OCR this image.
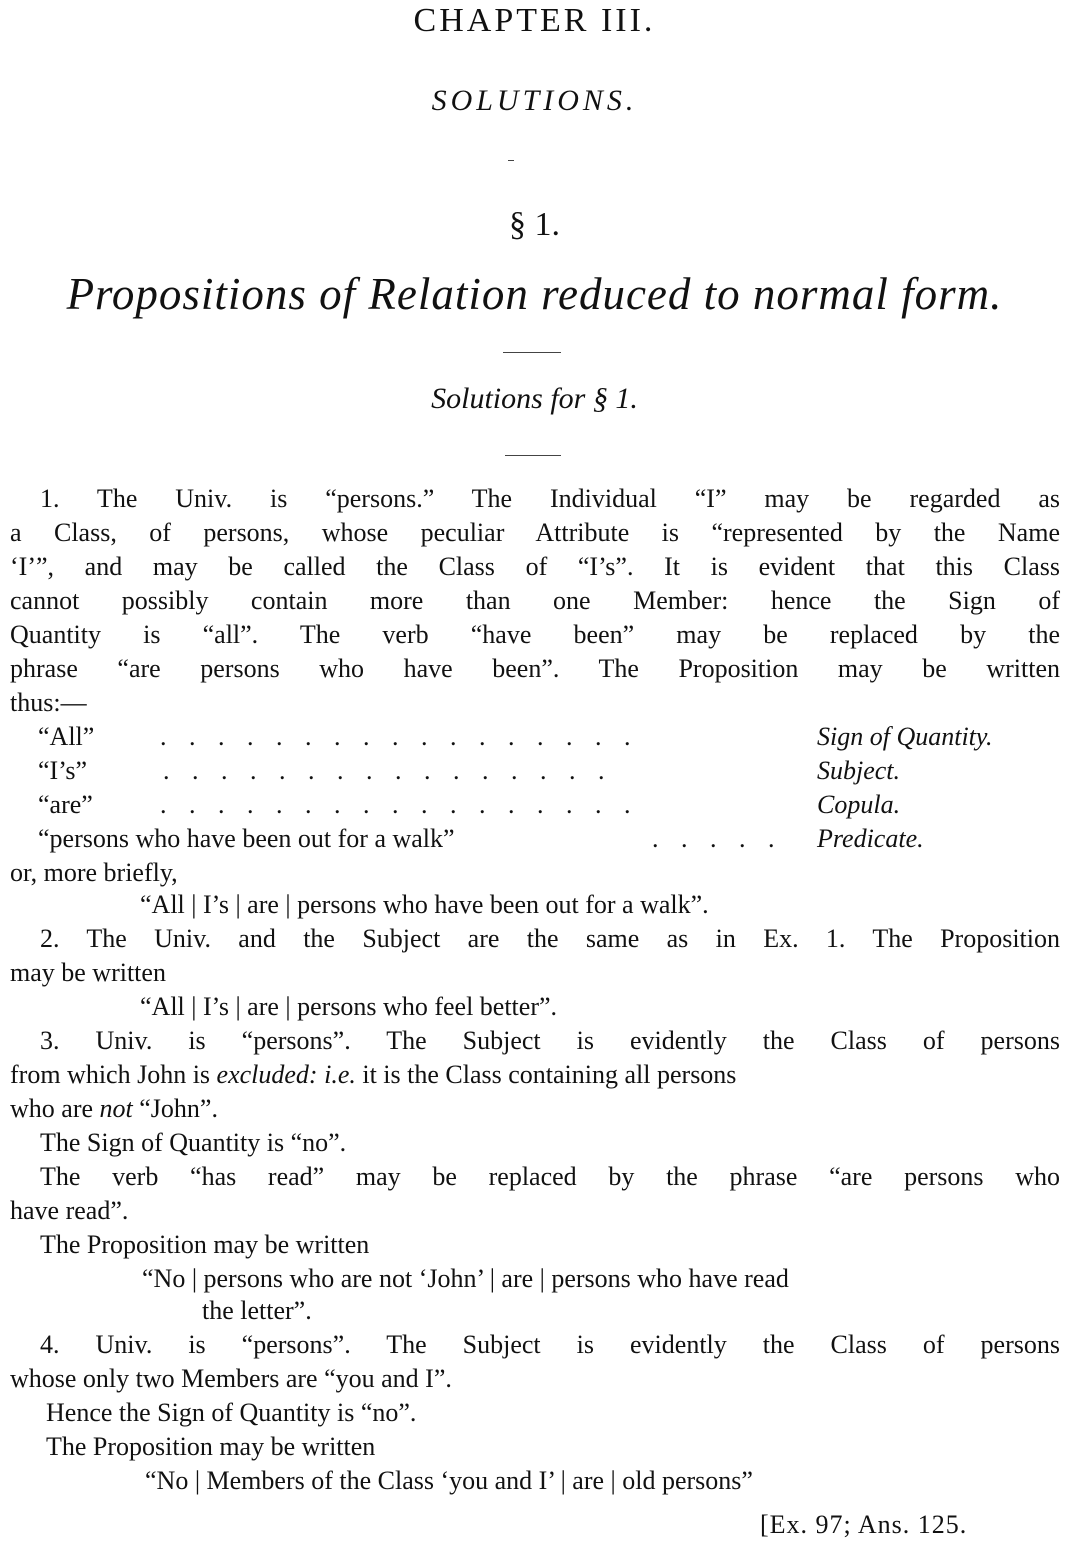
CHAPTER III.
SOLUTIONS.
§ 1.
Propositions of Relation reduced to normal form.
Solutions for § 1.
1. The Univ. is “persons.” The Individual “I” may be regarded as
a Class, of persons, whose peculiar Attribute is “represented by the Name
‘I’”, and may be called the Class of “I’s”. It is evident that this Class
cannot possibly contain more than one Member: hence the Sign of
Quantity is “all”. The verb “have been” may be replaced by the
phrase “are persons who have been”. The Proposition may be written
thus:—
“All”	. . . . . . . . . . . . . . . . .	Sign of Quantity.
“I’s”	. . . . . . . . . . . . . . . .	Subject.
“are”	. . . . . . . . . . . . . . . . .	Copula.
“persons who have been out for a walk”	. . . . . Predicate.
or, more briefly,
“All | I’s | are | persons who have been out for a walk”.
2. The Univ. and the Subject are the same as in Ex. 1. The Proposition
may be written
“All | I’s | are | persons who feel better”.
3. Univ. is “persons”. The Subject is evidently the Class of persons
from which John is excluded: i.e. it is the Class containing all persons
who are not “John”.
The Sign of Quantity is “no”.
The verb “has read” may be replaced by the phrase “are persons who
have read”.
The Proposition may be written
“No | persons who are not ‘John’ | are | persons who have read
the letter”.
4. Univ. is “persons”. The Subject is evidently the Class of persons
whose only two Members are “you and I”.
Hence the Sign of Quantity is “no”.
The Proposition may be written
“No | Members of the Class ‘you and I’ | are | old persons”
[Ex. 97; Ans. 125.
